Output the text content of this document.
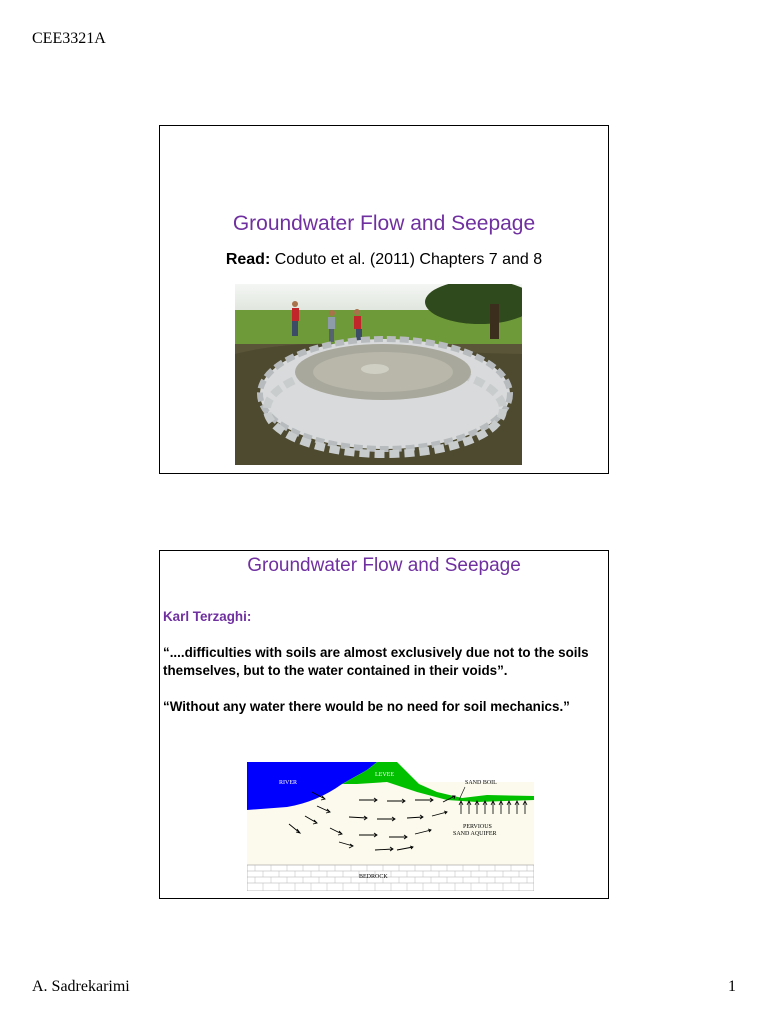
CEE3321A
Groundwater Flow and Seepage
Read: Coduto et al. (2011) Chapters 7 and 8
Groundwater Flow and Seepage
Karl Terzaghi:
“....difficulties with soils are almost exclusively due not to the soils themselves, but to the water contained in their voids”.
“Without any water there would be no need for soil mechanics.”
RIVER
LEVEE
SAND BOIL
PERVIOUS
SAND AQUIFER
BEDROCK
A. Sadrekarimi	1
